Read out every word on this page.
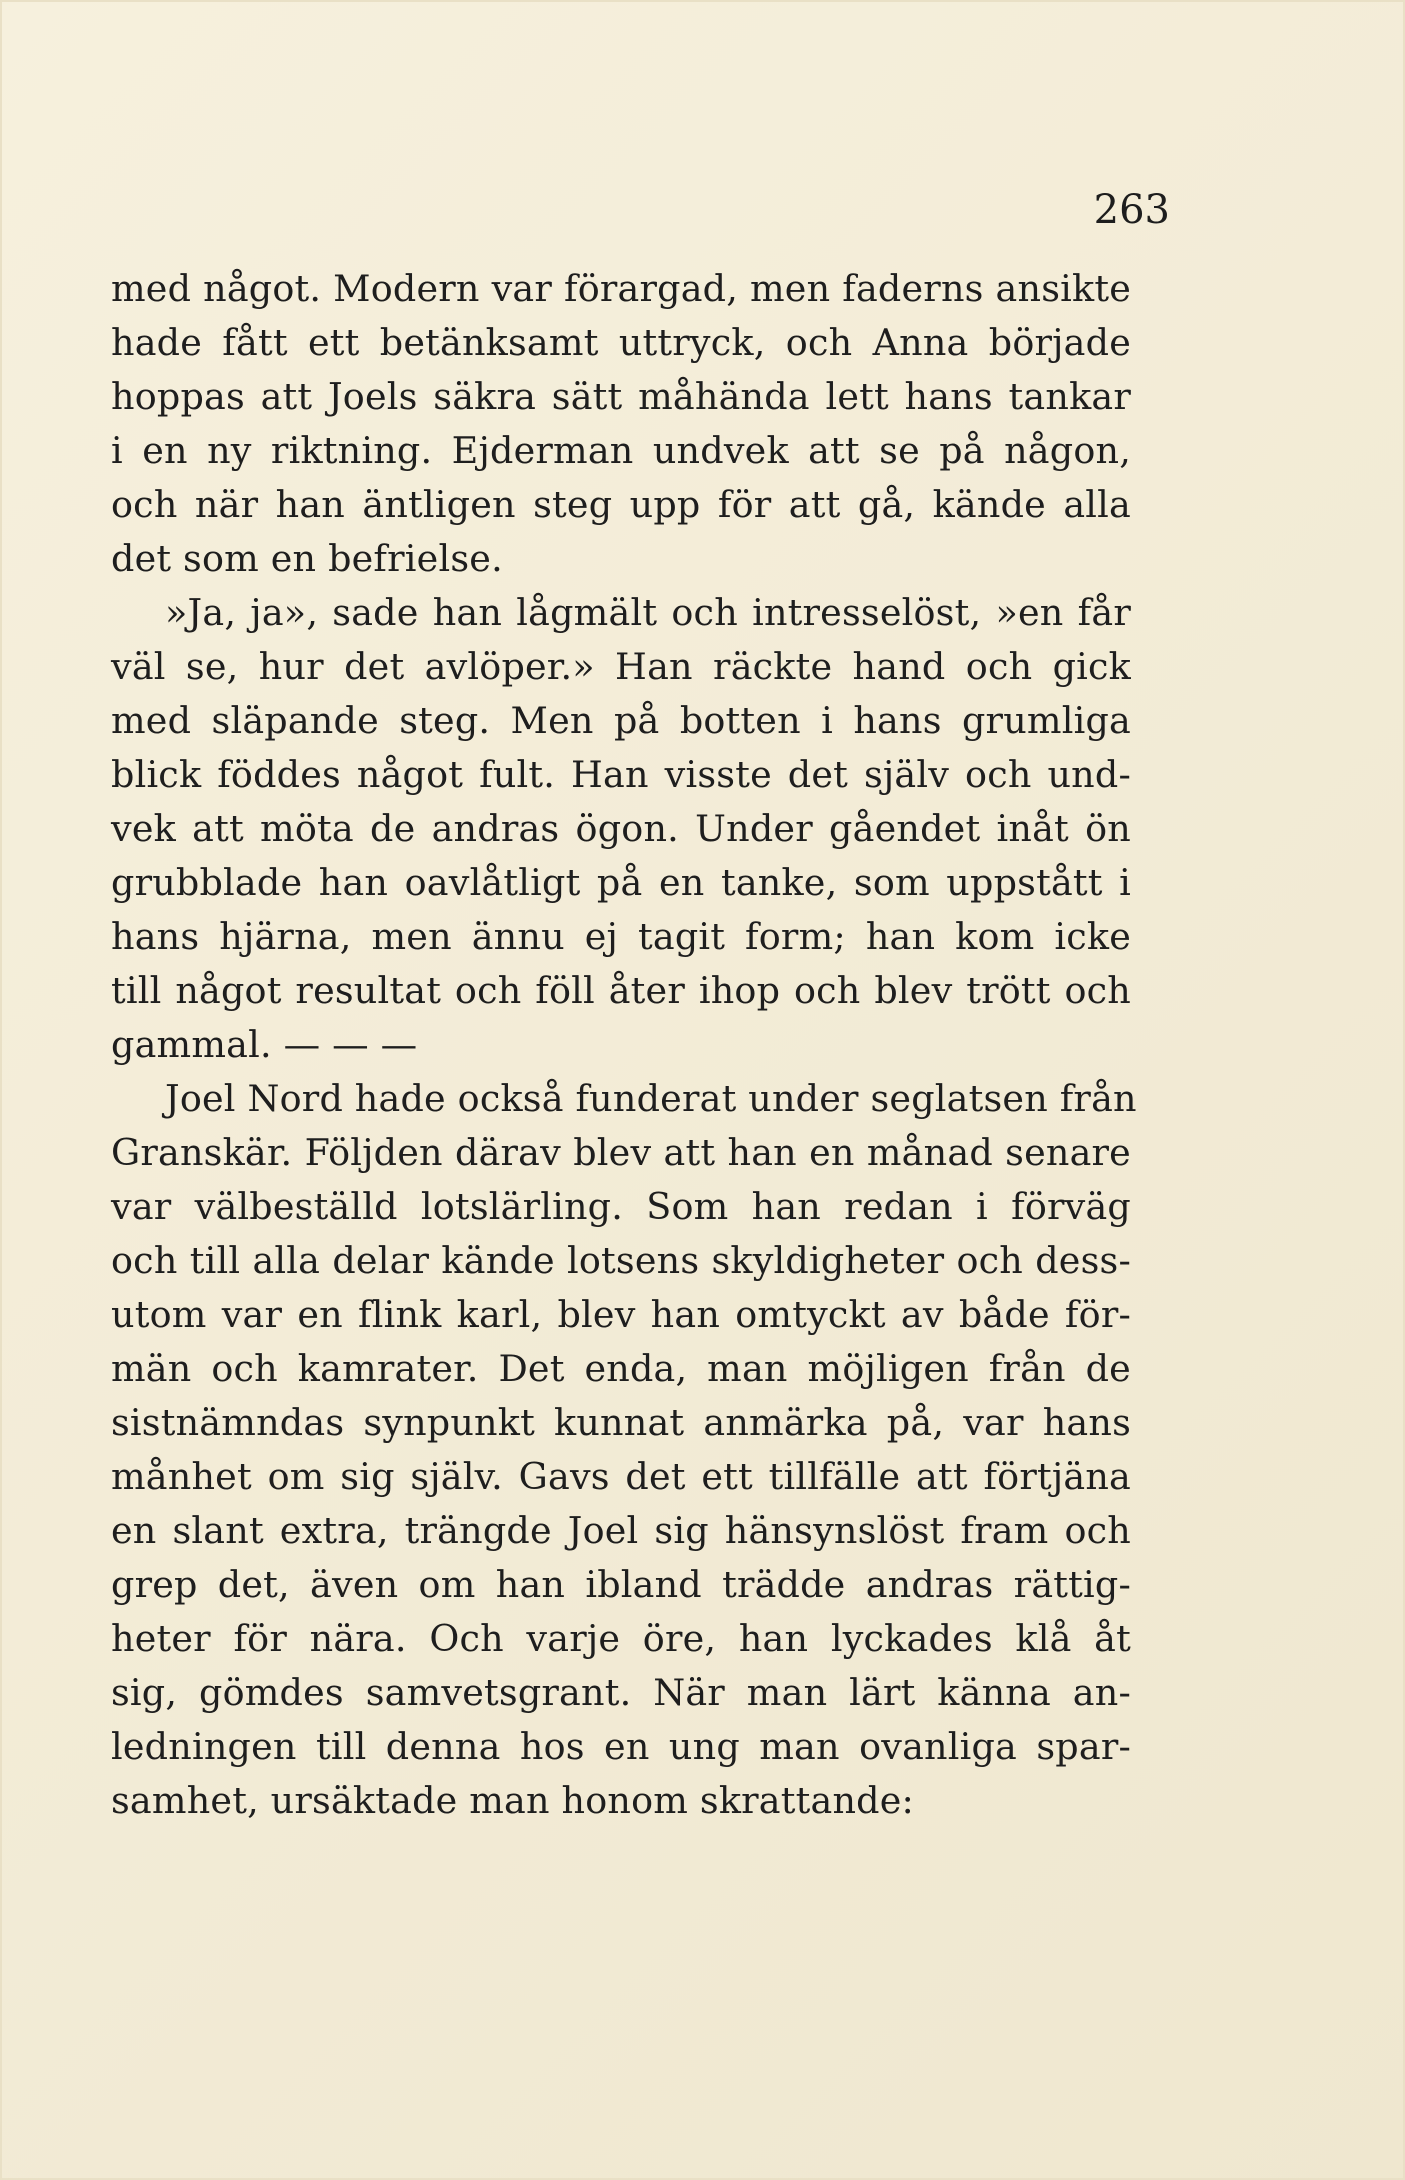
263
med något. Modern var förargad, men faderns ansikte
hade fått ett betänksamt uttryck, och Anna började
hoppas att Joels säkra sätt måhända lett hans tankar
i en ny riktning. Ejderman undvek att se på någon,
och när han äntligen steg upp för att gå, kände alla
det som en befrielse.
»Ja, ja», sade han lågmält och intresselöst, »en får
väl se, hur det avlöper.» Han räckte hand och gick
med släpande steg. Men på botten i hans grumliga
blick föddes något fult. Han visste det själv och und-
vek att möta de andras ögon. Under gåendet inåt ön
grubblade han oavlåtligt på en tanke, som uppstått i
hans hjärna, men ännu ej tagit form; han kom icke
till något resultat och föll åter ihop och blev trött och
gammal. — — —
Joel Nord hade också funderat under seglatsen från
Granskär. Följden därav blev att han en månad senare
var välbeställd lotslärling. Som han redan i förväg
och till alla delar kände lotsens skyldigheter och dess-
utom var en flink karl, blev han omtyckt av både för-
män och kamrater. Det enda, man möjligen från de
sistnämndas synpunkt kunnat anmärka på, var hans
månhet om sig själv. Gavs det ett tillfälle att förtjäna
en slant extra, trängde Joel sig hänsynslöst fram och
grep det, även om han ibland trädde andras rättig-
heter för nära. Och varje öre, han lyckades klå åt
sig, gömdes samvetsgrant. När man lärt känna an-
ledningen till denna hos en ung man ovanliga spar-
samhet, ursäktade man honom skrattande:
